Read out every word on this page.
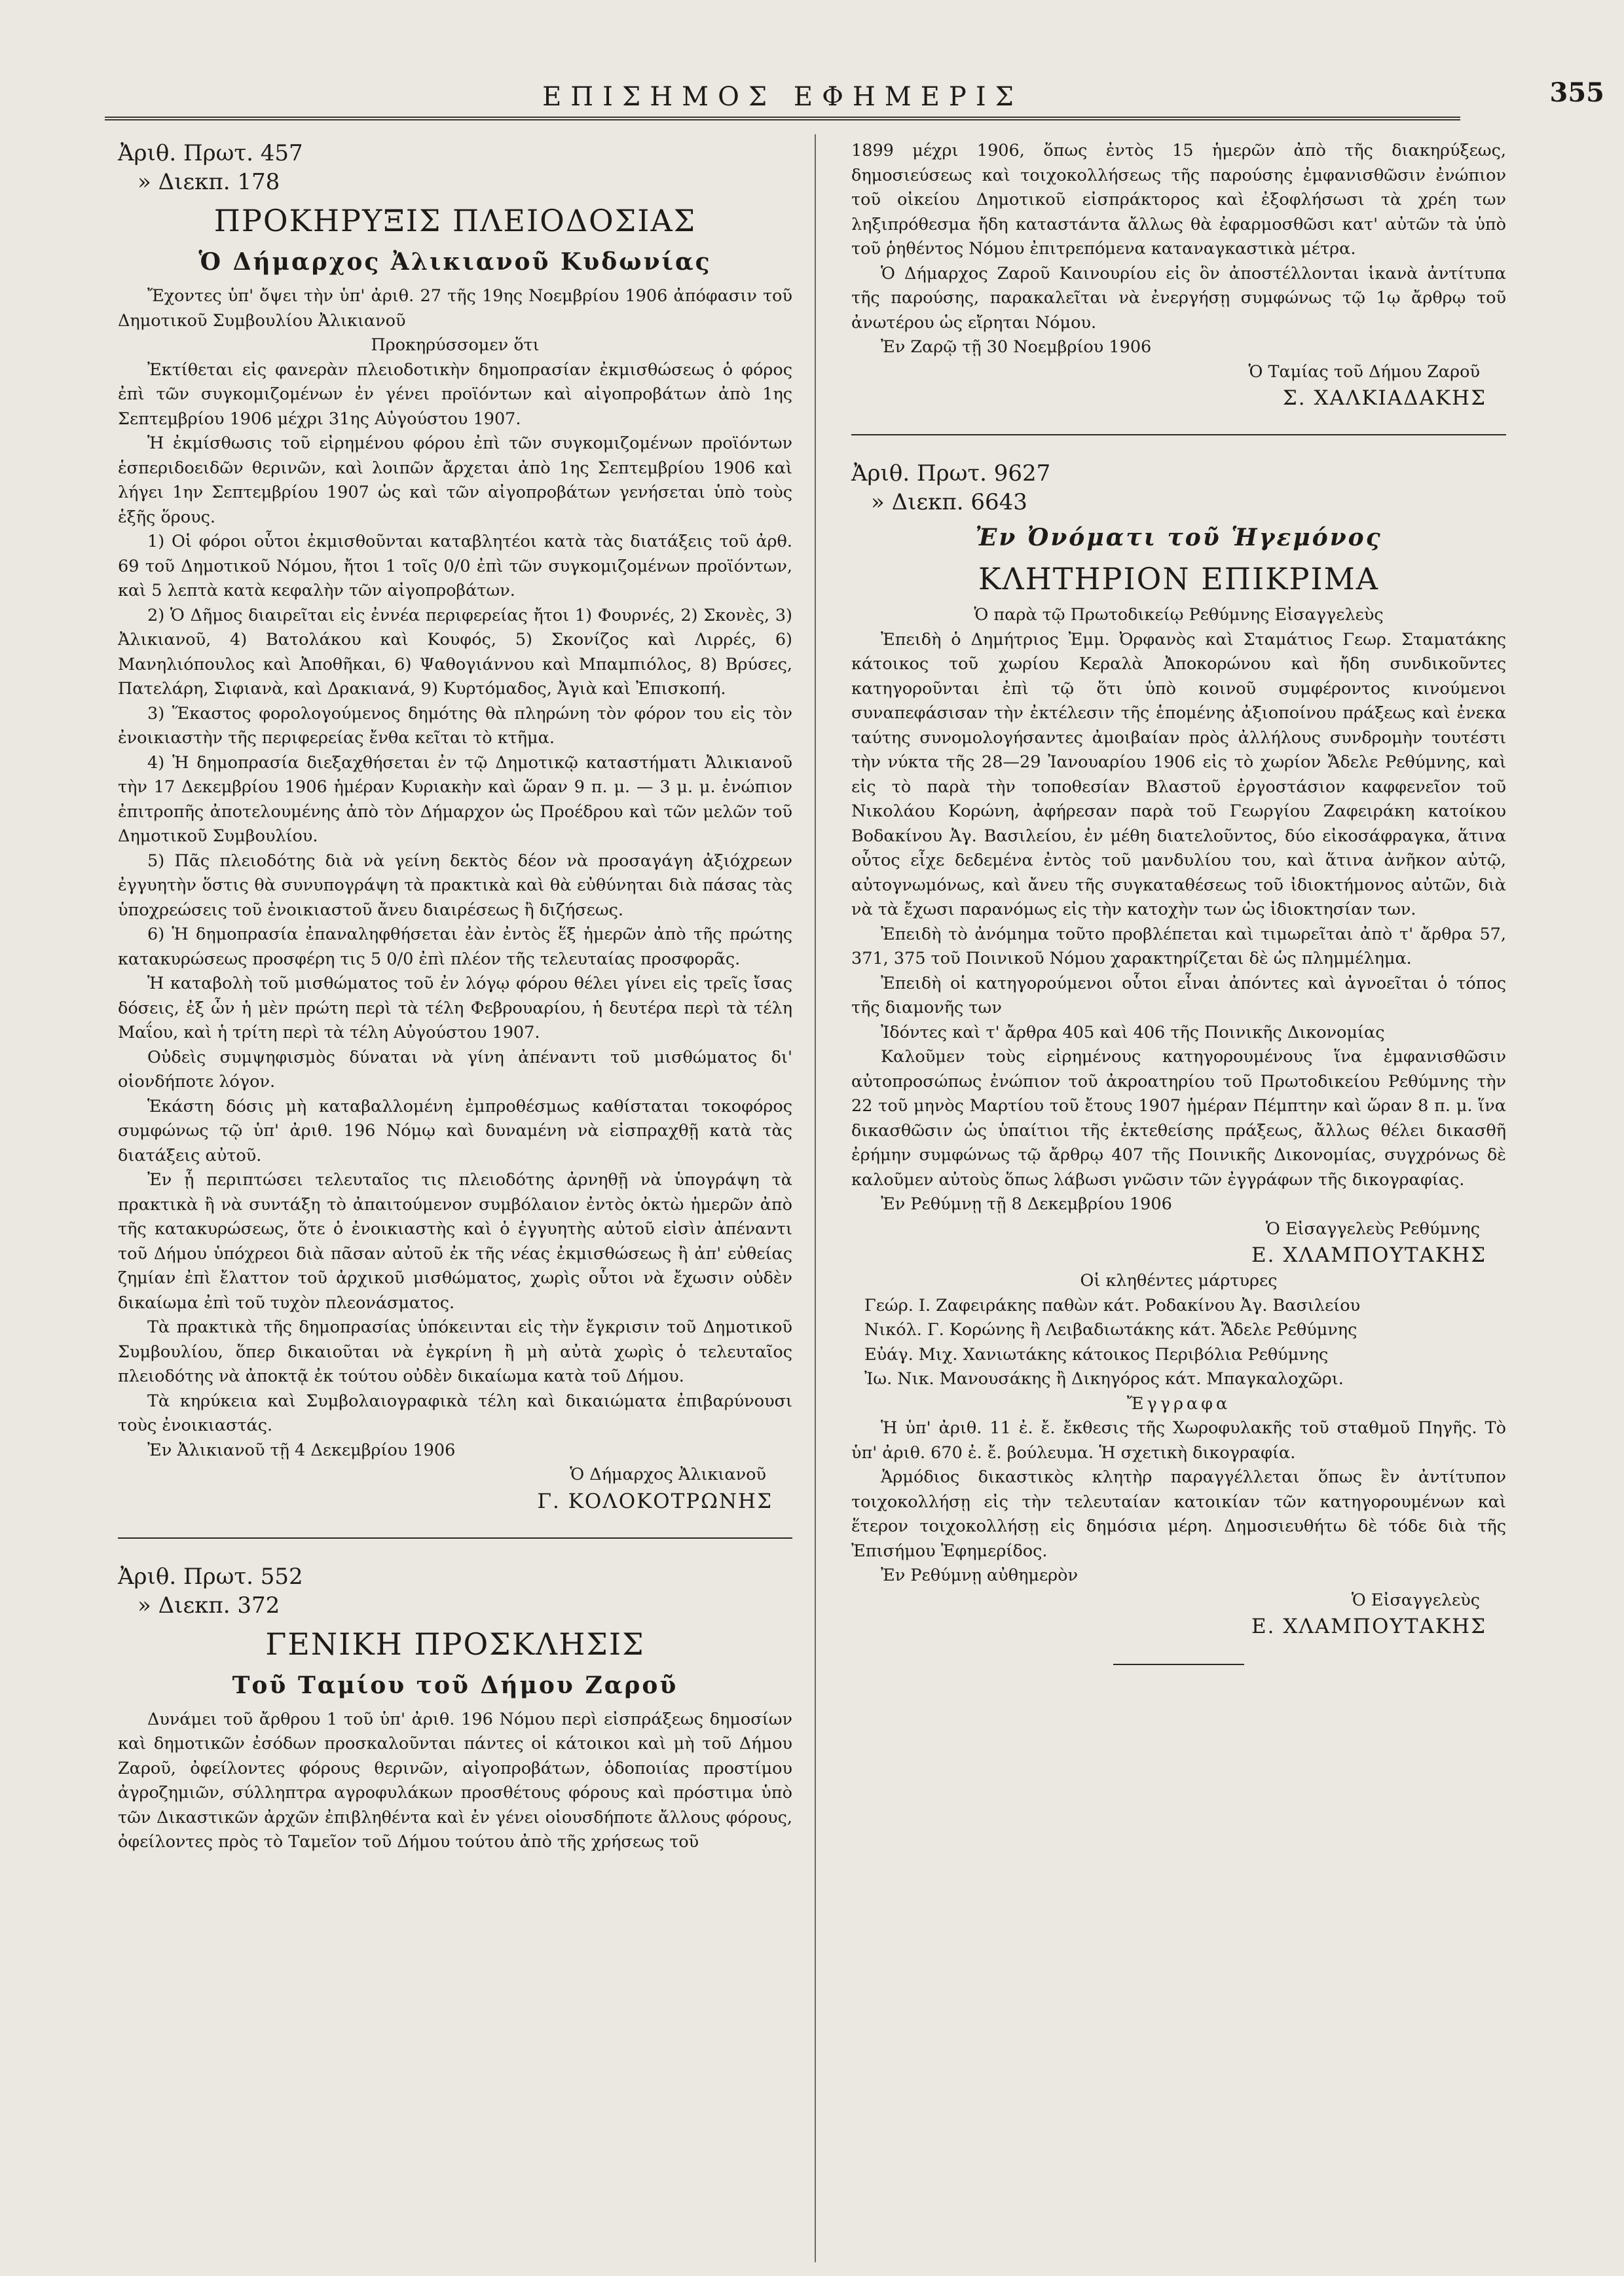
ΕΠΙΣΗΜΟΣ ΕΦΗΜΕΡΙΣ	355

Ἀριθ. Πρωτ. 457

» Διεκπ. 178

ΠΡΟΚΗΡΥΞΙΣ ΠΛΕΙΟΔΟΣΙΑΣ

Ὁ Δήμαρχος Ἀλικιανοῦ Κυδωνίας

Ἔχοντες ὑπ' ὄψει τὴν ὑπ' ἀριθ. 27 τῆς 19ης Νοεμβρίου 1906 ἀπόφασιν τοῦ Δημοτικοῦ Συμβουλίου Ἀλικιανοῦ

Προκηρύσσομεν ὅτι

Ἐκτίθεται εἰς φανερὰν πλειοδοτικὴν δημοπρασίαν ἐκμισθώσεως ὁ φόρος ἐπὶ τῶν συγκομιζομένων ἐν γένει προϊόντων καὶ αἰγοπροβάτων ἀπὸ 1ης Σεπτεμβρίου 1906 μέχρι 31ης Αὐγούστου 1907.

Ἡ ἐκμίσθωσις τοῦ εἰρημένου φόρου ἐπὶ τῶν συγκομιζομένων προϊόντων ἑσπεριδοειδῶν θερινῶν, καὶ λοιπῶν ἄρχεται ἀπὸ 1ης Σεπτεμβρίου 1906 καὶ λήγει 1ην Σεπτεμβρίου 1907 ὡς καὶ τῶν αἰγοπροβάτων γενήσεται ὑπὸ τοὺς ἑξῆς ὅρους.

1) Οἱ φόροι οὗτοι ἐκμισθοῦνται καταβλητέοι κατὰ τὰς διατάξεις τοῦ ἀρθ. 69 τοῦ Δημοτικοῦ Νόμου, ἤτοι 1 τοῖς 0/0 ἐπὶ τῶν συγκομιζομένων προϊόντων, καὶ 5 λεπτὰ κατὰ κεφαλὴν τῶν αἰγοπροβάτων.

2) Ὁ Δῆμος διαιρεῖται εἰς ἐννέα περιφερείας ἤτοι 1) Φουρνές, 2) Σκονὲς, 3) Ἀλικιανοῦ, 4) Βατολάκου καὶ Κουφός, 5) Σκονίζος καὶ Λιρρές, 6) Μανηλιόπουλος καὶ Ἀποθῆκαι, 6) Ψαθογιάννου καὶ Μπαμπιόλος, 8) Βρύσες, Πατελάρη, Σιφιανὰ, καὶ Δρακιανά, 9) Κυρτόμαδος, Ἀγιὰ καὶ Ἐπισκοπή.

3) Ἕκαστος φορολογούμενος δημότης θὰ πληρώνη τὸν φόρον του εἰς τὸν ἐνοικιαστὴν τῆς περιφερείας ἔνθα κεῖται τὸ κτῆμα.

4) Ἡ δημοπρασία διεξαχθήσεται ἐν τῷ Δημοτικῷ καταστήματι Ἀλικιανοῦ τὴν 17 Δεκεμβρίου 1906 ἡμέραν Κυριακὴν καὶ ὥραν 9 π. μ. — 3 μ. μ. ἐνώπιον ἐπιτροπῆς ἀποτελουμένης ἀπὸ τὸν Δήμαρχον ὡς Προέδρου καὶ τῶν μελῶν τοῦ Δημοτικοῦ Συμβουλίου.

5) Πᾶς πλειοδότης διὰ νὰ γείνη δεκτὸς δέον νὰ προσαγάγη ἀξιόχρεων ἐγγυητὴν ὅστις θὰ συνυπογράψη τὰ πρακτικὰ καὶ θὰ εὐθύνηται διὰ πάσας τὰς ὑποχρεώσεις τοῦ ἐνοικιαστοῦ ἄνευ διαιρέσεως ἢ διζήσεως.

6) Ἡ δημοπρασία ἐπαναληφθήσεται ἐὰν ἐντὸς ἕξ ἡμερῶν ἀπὸ τῆς πρώτης κατακυρώσεως προσφέρη τις 5 0/0 ἐπὶ πλέον τῆς τελευταίας προσφορᾶς.

Ἡ καταβολὴ τοῦ μισθώματος τοῦ ἐν λόγῳ φόρου θέλει γίνει εἰς τρεῖς ἴσας δόσεις, ἐξ ὧν ἡ μὲν πρώτη περὶ τὰ τέλη Φεβρουαρίου, ἡ δευτέρα περὶ τὰ τέλη Μαΐου, καὶ ἡ τρίτη περὶ τὰ τέλη Αὐγούστου 1907.

Οὐδεὶς συμψηφισμὸς δύναται νὰ γίνη ἀπέναντι τοῦ μισθώματος δι' οἱονδήποτε λόγον.

Ἑκάστη δόσις μὴ καταβαλλομένη ἐμπροθέσμως καθίσταται τοκοφόρος συμφώνως τῷ ὑπ' ἀριθ. 196 Νόμῳ καὶ δυναμένη νὰ εἰσπραχθῇ κατὰ τὰς διατάξεις αὐτοῦ.

Ἐν ᾗ περιπτώσει τελευταῖος τις πλειοδότης ἀρνηθῇ νὰ ὑπογράψη τὰ πρακτικὰ ἢ νὰ συντάξη τὸ ἀπαιτούμενον συμβόλαιον ἐντὸς ὀκτὼ ἡμερῶν ἀπὸ τῆς κατακυρώσεως, ὅτε ὁ ἐνοικιαστὴς καὶ ὁ ἐγγυητὴς αὐτοῦ εἰσὶν ἀπέναντι τοῦ Δήμου ὑπόχρεοι διὰ πᾶσαν αὐτοῦ ἐκ τῆς νέας ἐκμισθώσεως ἢ ἀπ' εὐθείας ζημίαν ἐπὶ ἔλαττον τοῦ ἀρχικοῦ μισθώματος, χωρὶς οὗτοι νὰ ἔχωσιν οὐδὲν δικαίωμα ἐπὶ τοῦ τυχὸν πλεονάσματος.

Τὰ πρακτικὰ τῆς δημοπρασίας ὑπόκεινται εἰς τὴν ἔγκρισιν τοῦ Δημοτικοῦ Συμβουλίου, ὅπερ δικαιοῦται νὰ ἐγκρίνη ἢ μὴ αὐτὰ χωρὶς ὁ τελευταῖος πλειοδότης νὰ ἀποκτᾷ ἐκ τούτου οὐδὲν δικαίωμα κατὰ τοῦ Δήμου.

Τὰ κηρύκεια καὶ Συμβολαιογραφικὰ τέλη καὶ δικαιώματα ἐπιβαρύνουσι τοὺς ἐνοικιαστάς.

Ἐν Ἀλικιανοῦ τῇ 4 Δεκεμβρίου 1906

Ὁ Δήμαρχος Ἀλικιανοῦ

Γ. ΚΟΛΟΚΟΤΡΩΝΗΣ

Ἀριθ. Πρωτ. 552

» Διεκπ. 372

ΓΕΝΙΚΗ ΠΡΟΣΚΛΗΣΙΣ

Τοῦ Ταμίου τοῦ Δήμου Ζαροῦ

Δυνάμει τοῦ ἄρθρου 1 τοῦ ὑπ' ἀριθ. 196 Νόμου περὶ εἰσπράξεως δημοσίων καὶ δημοτικῶν ἐσόδων προσκαλοῦνται πάντες οἱ κάτοικοι καὶ μὴ τοῦ Δήμου Ζαροῦ, ὀφείλοντες φόρους θερινῶν, αἰγοπροβάτων, ὁδοποιίας προστίμου ἀγροζημιῶν, σύλληπτρα αγροφυλάκων προσθέτους φόρους καὶ πρόστιμα ὑπὸ τῶν Δικαστικῶν ἀρχῶν ἐπιβληθέντα καὶ ἐν γένει οἱουσδήποτε ἄλλους φόρους, ὀφείλοντες πρὸς τὸ Ταμεῖον τοῦ Δήμου τούτου ἀπὸ τῆς χρήσεως τοῦ

1899 μέχρι 1906, ὅπως ἐντὸς 15 ἡμερῶν ἀπὸ τῆς διακηρύξεως, δημοσιεύσεως καὶ τοιχοκολλήσεως τῆς παρούσης ἐμφανισθῶσιν ἐνώπιον τοῦ οἰκείου Δημοτικοῦ εἰσπράκτορος καὶ ἐξοφλήσωσι τὰ χρέη των ληξιπρόθεσμα ἤδη καταστάντα ἄλλως θὰ ἐφαρμοσθῶσι κατ' αὐτῶν τὰ ὑπὸ τοῦ ῥηθέντος Νόμου ἐπιτρεπόμενα καταναγκαστικὰ μέτρα.

Ὁ Δήμαρχος Ζαροῦ Καινουρίου εἰς ὃν ἀποστέλλονται ἱκανὰ ἀντίτυπα τῆς παρούσης, παρακαλεῖται νὰ ἐνεργήσῃ συμφώνως τῷ 1ῳ ἄρθρῳ τοῦ ἀνωτέρου ὡς εἴρηται Νόμου.

Ἐν Ζαρῷ τῇ 30 Νοεμβρίου 1906

Ὁ Ταμίας τοῦ Δήμου Ζαροῦ

Σ. ΧΑΛΚΙΑΔΑΚΗΣ

Ἀριθ. Πρωτ. 9627

» Διεκπ. 6643

Ἐν Ὀνόματι τοῦ Ἡγεμόνος

ΚΛΗΤΗΡΙΟΝ ΕΠΙΚΡΙΜΑ

Ὁ παρὰ τῷ Πρωτοδικείῳ Ρεθύμνης Εἰσαγγελεὺς

Ἐπειδὴ ὁ Δημήτριος Ἐμμ. Ὀρφανὸς καὶ Σταμάτιος Γεωρ. Σταματάκης κάτοικος τοῦ χωρίου Κεραλὰ Ἀποκορώνου καὶ ἤδη συνδικοῦντες κατηγοροῦνται ἐπὶ τῷ ὅτι ὑπὸ κοινοῦ συμφέροντος κινούμενοι συναπεφάσισαν τὴν ἐκτέλεσιν τῆς ἑπομένης ἀξιοποίνου πράξεως καὶ ἐνεκα ταύτης συνομολογήσαντες ἀμοιβαίαν πρὸς ἀλλήλους συνδρομὴν τουτέστι τὴν νύκτα τῆς 28—29 Ἰανουαρίου 1906 εἰς τὸ χωρίον Ἄδελε Ρεθύμνης, καὶ εἰς τὸ παρὰ τὴν τοποθεσίαν Βλαστοῦ ἐργοστάσιον καφφενεῖον τοῦ Νικολάου Κορώνη, ἀφήρεσαν παρὰ τοῦ Γεωργίου Ζαφειράκη κατοίκου Βοδακίνου Ἀγ. Βασιλείου, ἐν μέθη διατελοῦντος, δύο εἰκοσάφραγκα, ἅτινα οὗτος εἶχε δεδεμένα ἐντὸς τοῦ μανδυλίου του, καὶ ἅτινα ἀνῆκον αὐτῷ, αὐτογνωμόνως, καὶ ἄνευ τῆς συγκαταθέσεως τοῦ ἰδιοκτήμονος αὐτῶν, διὰ νὰ τὰ ἔχωσι παρανόμως εἰς τὴν κατοχὴν των ὡς ἰδιοκτησίαν των.

Ἐπειδὴ τὸ ἀνόμημα τοῦτο προβλέπεται καὶ τιμωρεῖται ἀπὸ τ' ἄρθρα 57, 371, 375 τοῦ Ποινικοῦ Νόμου χαρακτηρίζεται δὲ ὡς πλημμέλημα.

Ἐπειδὴ οἱ κατηγορούμενοι οὗτοι εἶναι ἀπόντες καὶ ἀγνοεῖται ὁ τόπος τῆς διαμονῆς των

Ἰδόντες καὶ τ' ἄρθρα 405 καὶ 406 τῆς Ποινικῆς Δικονομίας

Καλοῦμεν τοὺς εἰρημένους κατηγορουμένους ἵνα ἐμφανισθῶσιν αὐτοπροσώπως ἐνώπιον τοῦ ἀκροατηρίου τοῦ Πρωτοδικείου Ρεθύμνης τὴν 22 τοῦ μηνὸς Μαρτίου τοῦ ἔτους 1907 ἡμέραν Πέμπτην καὶ ὥραν 8 π. μ. ἵνα δικασθῶσιν ὡς ὑπαίτιοι τῆς ἐκτεθείσης πράξεως, ἄλλως θέλει δικασθῆ ἐρήμην συμφώνως τῷ ἄρθρῳ 407 τῆς Ποινικῆς Δικονομίας, συγχρόνως δὲ καλοῦμεν αὐτοὺς ὅπως λάβωσι γνῶσιν τῶν ἐγγράφων τῆς δικογραφίας.

Ἐν Ρεθύμνῃ τῇ 8 Δεκεμβρίου 1906

Ὁ Εἰσαγγελεὺς Ρεθύμνης

Ε. ΧΛΑΜΠΟΥΤΑΚΗΣ

Οἱ κληθέντες μάρτυρες

Γεώρ. Ι. Ζαφειράκης παθὼν κάτ. Ροδακίνου Ἀγ. Βασιλείου

Νικόλ. Γ. Κορώνης ἢ Λειβαδιωτάκης κάτ. Ἄδελε Ρεθύμνης

Εὐάγ. Μιχ. Χανιωτάκης κάτοικος Περιβόλια Ρεθύμνης

Ἰω. Νικ. Μανουσάκης ἢ Δικηγόρος κάτ. Μπαγκαλοχῶρι.

Ἔγγραφα

Ἡ ὑπ' ἀριθ. 11 ἐ. ἔ. ἔκθεσις τῆς Χωροφυλακῆς τοῦ σταθμοῦ Πηγῆς. Τὸ ὑπ' ἀριθ. 670 ἐ. ἔ. βούλευμα. Ἡ σχετικὴ δικογραφία.

Ἁρμόδιος δικαστικὸς κλητὴρ παραγγέλλεται ὅπως ἓν ἀντίτυπον τοιχοκολλήσῃ εἰς τὴν τελευταίαν κατοικίαν τῶν κατηγορουμένων καὶ ἕτερον τοιχοκολλήσῃ εἰς δημόσια μέρη. Δημοσιευθήτω δὲ τόδε διὰ τῆς Ἐπισήμου Ἐφημερίδος.

Ἐν Ρεθύμνῃ αὐθημερὸν

Ὁ Εἰσαγγελεὺς

Ε. ΧΛΑΜΠΟΥΤΑΚΗΣ
